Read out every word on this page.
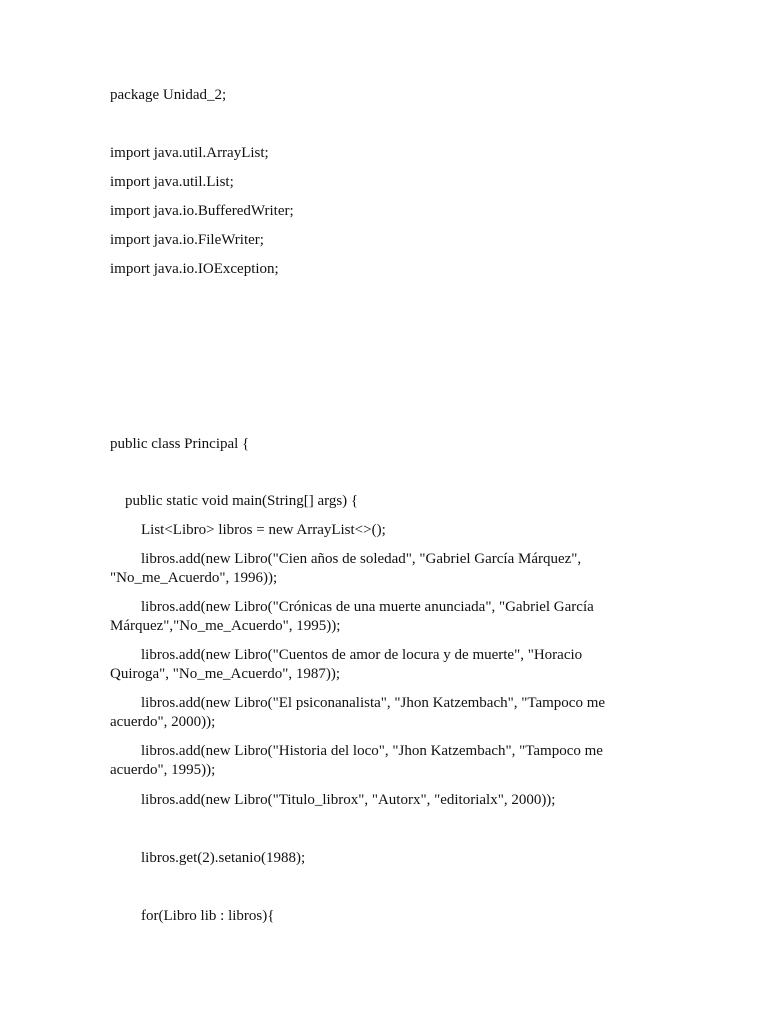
package Unidad_2;

import java.util.ArrayList;

import java.util.List;

import java.io.BufferedWriter;

import java.io.FileWriter;

import java.io.IOException;

public class Principal {

public static void main(String[] args) {

List<Libro> libros = new ArrayList<>();

libros.add(new Libro("Cien años de soledad", "Gabriel García Márquez", "No_me_Acuerdo", 1996));

libros.add(new Libro("Crónicas de una muerte anunciada", "Gabriel García Márquez","No_me_Acuerdo", 1995));

libros.add(new Libro("Cuentos de amor de locura y de muerte", "Horacio Quiroga", "No_me_Acuerdo", 1987));

libros.add(new Libro("El psiconanalista", "Jhon Katzembach", "Tampoco me acuerdo", 2000));

libros.add(new Libro("Historia del loco", "Jhon Katzembach", "Tampoco me acuerdo", 1995));

libros.add(new Libro("Titulo_librox", "Autorx", "editorialx", 2000));

libros.get(2).setanio(1988);

for(Libro lib : libros){
